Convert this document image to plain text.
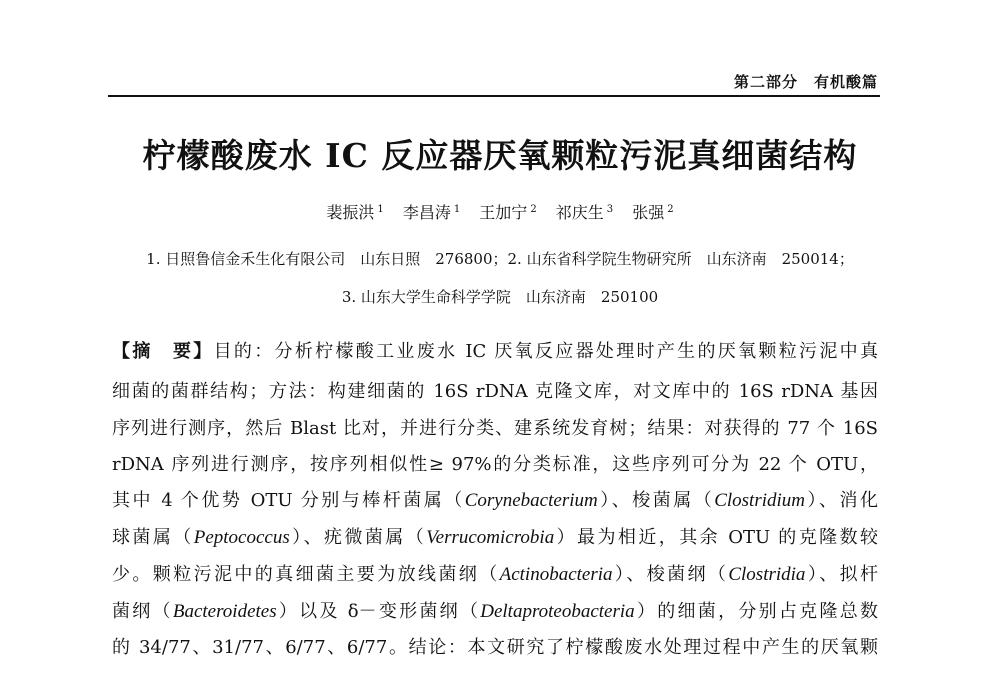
第二部分 有机酸篇
柠檬酸废水 IC 反应器厌氧颗粒污泥真细菌结构
裴振洪 $^1$ 李昌涛 $^1$ 王加宁 $^2$ 祁庆生 $^3$ 张强 $^2$
1. 日照鲁信金禾生化有限公司　山东日照　276800；2. 山东省科学院生物研究所　山东济南　250014；
3. 山东大学生命科学学院　山东济南　250100
【摘　要】目的：分析柠檬酸工业废水 IC 厌氧反应器处理时产生的厌氧颗粒污泥中真
细菌的菌群结构；方法：构建细菌的 16S rDNA 克隆文库，对文库中的 16S rDNA 基因
序列进行测序，然后 Blast 比对，并进行分类、建系统发育树；结果：对获得的 77 个 16S
rDNA 序列进行测序，按序列相似性≥ 97%的分类标准，这些序列可分为 22 个 OTU，
其中 4 个优势 OTU 分别与棒杆菌属（Corynebacterium）、梭菌属（Clostridium）、消化
球菌属（Peptococcus）、疣微菌属（Verrucomicrobia）最为相近，其余 OTU 的克隆数较
少。颗粒污泥中的真细菌主要为放线菌纲（Actinobacteria）、梭菌纲（Clostridia）、拟杆
菌纲（Bacteroidetes）以及 δ－变形菌纲（Deltaproteobacteria）的细菌，分别占克隆总数
的 34/77、31/77、6/77、6/77。结论：本文研究了柠檬酸废水处理过程中产生的厌氧颗
